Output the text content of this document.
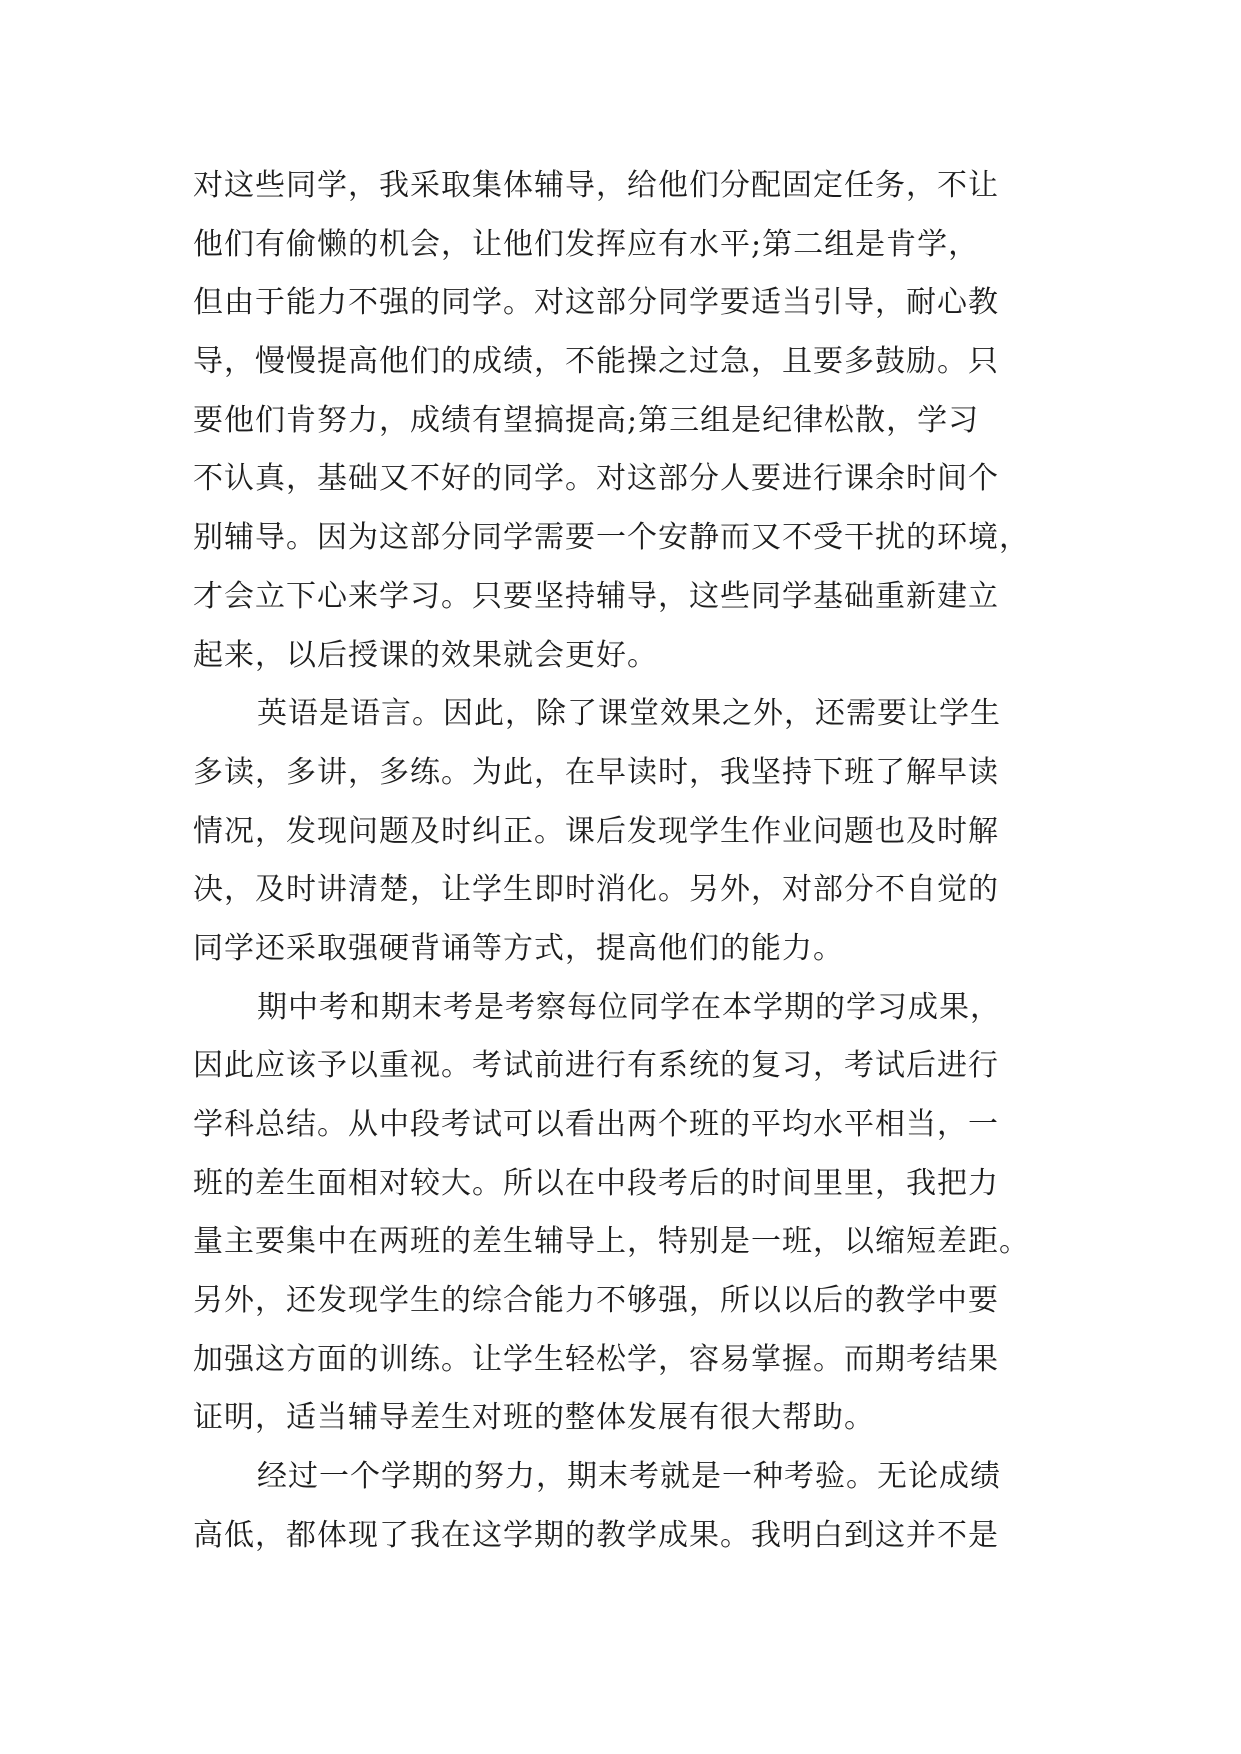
对这些同学，我采取集体辅导，给他们分配固定任务，不让
他们有偷懒的机会，让他们发挥应有水平;第二组是肯学，
但由于能力不强的同学。对这部分同学要适当引导，耐心教
导，慢慢提高他们的成绩，不能操之过急，且要多鼓励。只
要他们肯努力，成绩有望搞提高;第三组是纪律松散，学习
不认真，基础又不好的同学。对这部分人要进行课余时间个
别辅导。因为这部分同学需要一个安静而又不受干扰的环境，
才会立下心来学习。只要坚持辅导，这些同学基础重新建立
起来，以后授课的效果就会更好。
英语是语言。因此，除了课堂效果之外，还需要让学生
多读，多讲，多练。为此，在早读时，我坚持下班了解早读
情况，发现问题及时纠正。课后发现学生作业问题也及时解
决，及时讲清楚，让学生即时消化。另外，对部分不自觉的
同学还采取强硬背诵等方式，提高他们的能力。
期中考和期末考是考察每位同学在本学期的学习成果，
因此应该予以重视。考试前进行有系统的复习，考试后进行
学科总结。从中段考试可以看出两个班的平均水平相当，一
班的差生面相对较大。所以在中段考后的时间里里，我把力
量主要集中在两班的差生辅导上，特别是一班，以缩短差距。
另外，还发现学生的综合能力不够强，所以以后的教学中要
加强这方面的训练。让学生轻松学，容易掌握。而期考结果
证明，适当辅导差生对班的整体发展有很大帮助。
经过一个学期的努力，期末考就是一种考验。无论成绩
高低，都体现了我在这学期的教学成果。我明白到这并不是
